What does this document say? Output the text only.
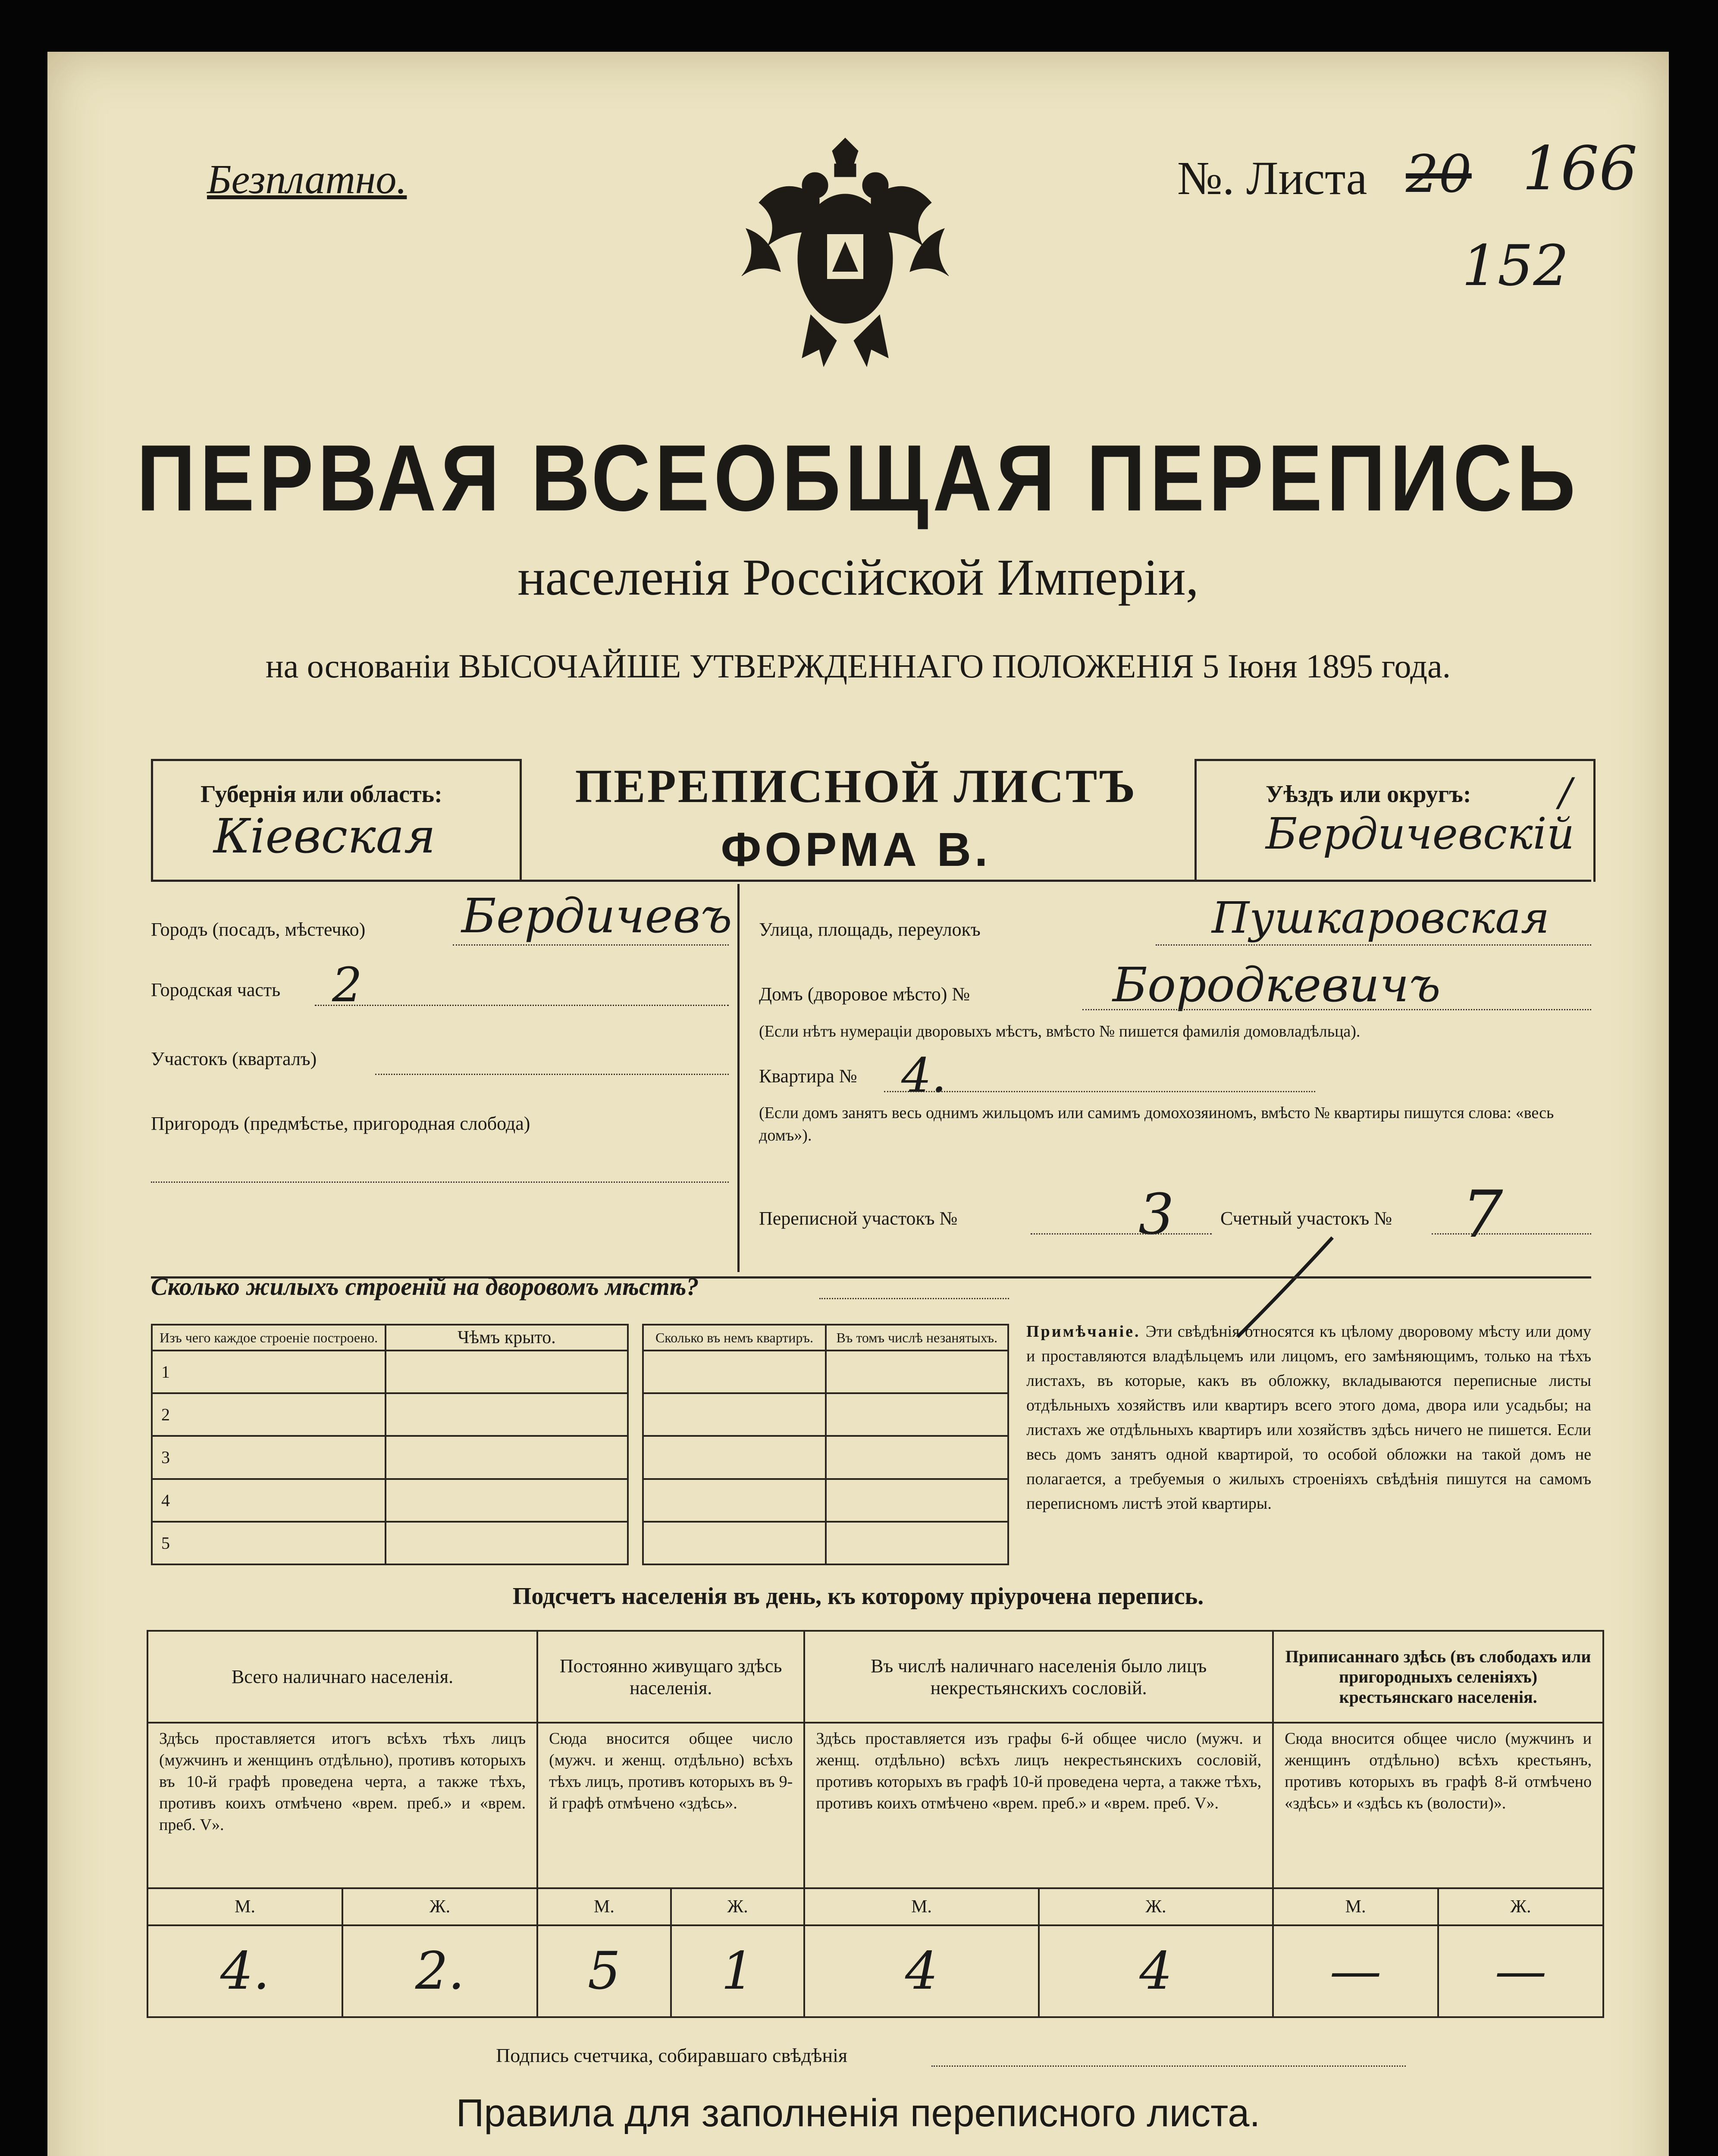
Безплатно.	№. Листа 20 166
152
ПЕРВАЯ ВСЕОБЩАЯ ПЕРЕПИСЬ
населенія Россійской Имперіи,
на основаніи ВЫСОЧАЙШЕ УТВЕРЖДЕННАГО ПОЛОЖЕНІЯ 5 Іюня 1895 года.
Губернія или область:
Кіевская
ПЕРЕПИСНОЙ ЛИСТЪ
ФОРМА В.
Уѣздъ или округъ: /
Бердичевскій
Городъ (посадъ, мѣстечко) Бердичевъ
Городская часть 2
Участокъ (кварталъ)
Пригородъ (предмѣстье, пригородная слобода)
Улица, площадь, переулокъ	Пушкаровская
Домъ (дворовое мѣсто) №	Бородкевичъ
(Если нѣтъ нумераціи дворовыхъ мѣстъ, вмѣсто № пишется фамилія домовладѣльца).
Квартира № 4.
(Если домъ занятъ весь однимъ жильцомъ или самимъ домохозяиномъ, вмѣсто № квартиры пишутся слова: «весь домъ»).
Переписной участокъ №	3 Счетный участокъ № 7
Сколько жилыхъ строеній на дворовомъ мѣстѣ?
Изъ чего каждое строеніе построено.	Чѣмъ крыто.		Сколько въ немъ квартиръ.	Въ томъ числѣ незанятыхъ.
1				
2				
3				
4				
5				
Примѣчаніе. Эти свѣдѣнія относятся къ цѣлому дворовому мѣсту или дому и проставляются владѣльцемъ или лицомъ, его замѣняющимъ, только на тѣхъ листахъ, въ которые, какъ въ обложку, вкладываются переписные листы отдѣльныхъ хозяйствъ или квартиръ всего этого дома, двора или усадьбы; на листахъ же отдѣльныхъ квартиръ или хозяйствъ здѣсь ничего не пишется. Если весь домъ занятъ одной квартирой, то особой обложки на такой домъ не полагается, а требуемыя о жилыхъ строеніяхъ свѣдѣнія пишутся на самомъ переписномъ листѣ этой квартиры.
Подсчетъ населенія въ день, къ которому пріурочена перепись.
Всего наличнаго населенія.		Постоянно живущаго здѣсь населенія.		Въ числѣ наличнаго населенія было лицъ некрестьянскихъ сословій.		Приписаннаго здѣсь (въ слободахъ или пригородныхъ селеніяхъ) крестьянскаго населенія.	
Здѣсь проставляется итогъ всѣхъ тѣхъ лицъ (мужчинъ и женщинъ отдѣльно), противъ которыхъ въ 10-й графѣ проведена черта, а также тѣхъ, противъ коихъ отмѣчено «врем. преб.» и «врем. преб. V».		Сюда вносится общее число (мужч. и женщ. отдѣльно) всѣхъ тѣхъ лицъ, противъ которыхъ въ 9-й графѣ отмѣчено «здѣсь».		Здѣсь проставляется изъ графы 6-й общее число (мужч. и женщ. отдѣльно) всѣхъ лицъ некрестьянскихъ сословій, противъ которыхъ въ графѣ 10-й проведена черта, а также тѣхъ, противъ коихъ отмѣчено «врем. преб.» и «врем. преб. V».		Сюда вносится общее число (мужчинъ и женщинъ отдѣльно) всѣхъ крестьянъ, противъ которыхъ въ графѣ 8-й отмѣчено «здѣсь» и «здѣсь къ (волости)».	
М.	Ж.	М.	Ж.	М.	Ж.	М.	Ж.
4.	2.	5	1	4	4	—	—
Подпись счетчика, собиравшаго свѣдѣнія
Правила для заполненія переписного листа.
